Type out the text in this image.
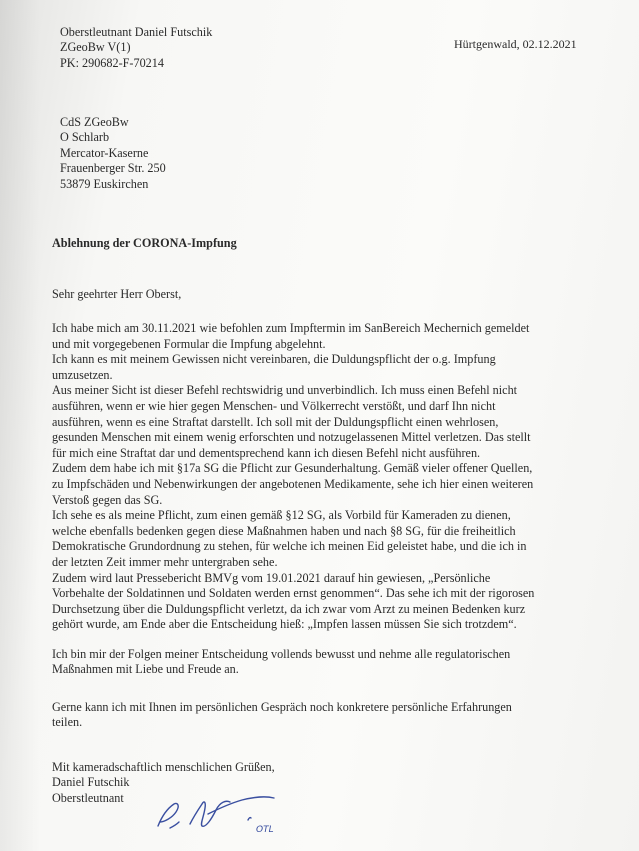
Oberstleutnant Daniel Futschik
ZGeoBw V(1)
PK: 290682-F-70214
Hürtgenwald, 02.12.2021
CdS ZGeoBw
O Schlarb
Mercator-Kaserne
Frauenberger Str. 250
53879 Euskirchen
Ablehnung der CORONA-Impfung
Sehr geehrter Herr Oberst,
Ich habe mich am 30.11.2021 wie befohlen zum Impftermin im SanBereich Mechernich gemeldet
und mit vorgegebenen Formular die Impfung abgelehnt.
Ich kann es mit meinem Gewissen nicht vereinbaren, die Duldungspflicht der o.g. Impfung
umzusetzen.
Aus meiner Sicht ist dieser Befehl rechtswidrig und unverbindlich. Ich muss einen Befehl nicht
ausführen, wenn er wie hier gegen Menschen- und Völkerrecht verstößt, und darf Ihn nicht
ausführen, wenn es eine Straftat darstellt. Ich soll mit der Duldungspflicht einen wehrlosen,
gesunden Menschen mit einem wenig erforschten und notzugelassenen Mittel verletzen. Das stellt
für mich eine Straftat dar und dementsprechend kann ich diesen Befehl nicht ausführen.
Zudem dem habe ich mit §17a SG die Pflicht zur Gesunderhaltung. Gemäß vieler offener Quellen,
zu Impfschäden und Nebenwirkungen der angebotenen Medikamente, sehe ich hier einen weiteren
Verstoß gegen das SG.
Ich sehe es als meine Pflicht, zum einen gemäß §12 SG, als Vorbild für Kameraden zu dienen,
welche ebenfalls bedenken gegen diese Maßnahmen haben und nach §8 SG, für die freiheitlich
Demokratische Grundordnung zu stehen, für welche ich meinen Eid geleistet habe, und die ich in
der letzten Zeit immer mehr untergraben sehe.
Zudem wird laut Pressebericht BMVg vom 19.01.2021 darauf hin gewiesen, „Persönliche
Vorbehalte der Soldatinnen und Soldaten werden ernst genommen“. Das sehe ich mit der rigorosen
Durchsetzung über die Duldungspflicht verletzt, da ich zwar vom Arzt zu meinen Bedenken kurz
gehört wurde, am Ende aber die Entscheidung hieß: „Impfen lassen müssen Sie sich trotzdem“.
Ich bin mir der Folgen meiner Entscheidung vollends bewusst und nehme alle regulatorischen
Maßnahmen mit Liebe und Freude an.
Gerne kann ich mit Ihnen im persönlichen Gespräch noch konkretere persönliche Erfahrungen
teilen.
Mit kameradschaftlich menschlichen Grüßen,
Daniel Futschik
Oberstleutnant
OTL
